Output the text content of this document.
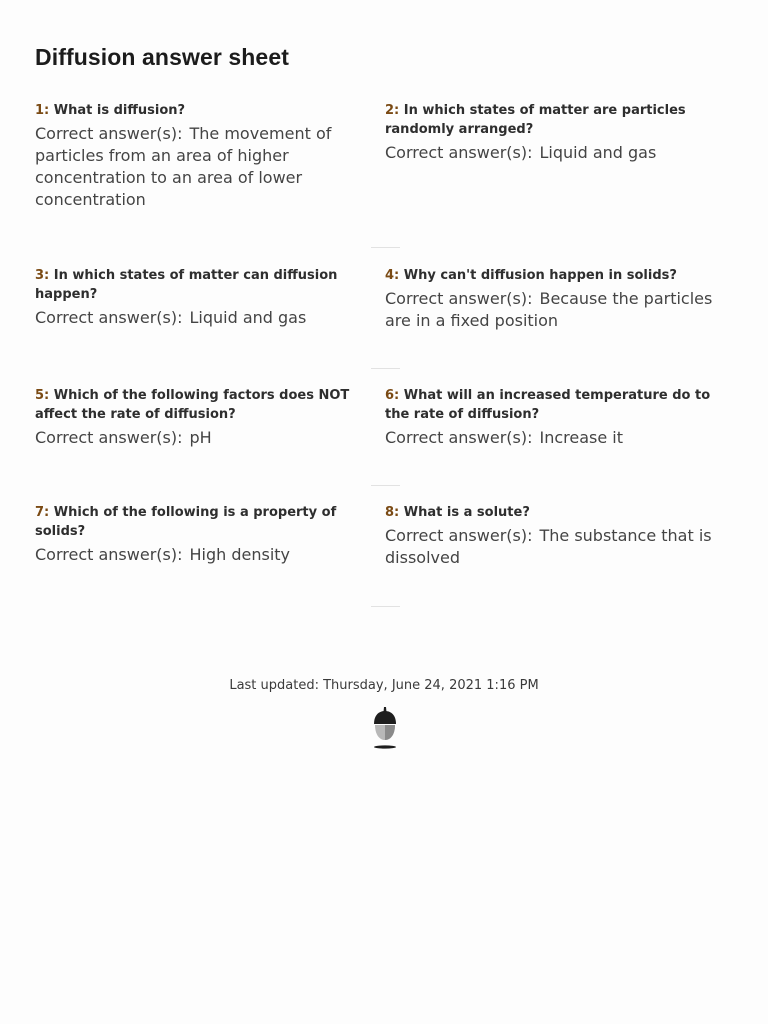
Diffusion answer sheet
1: What is diffusion?
Correct answer(s): The movement of particles from an area of higher concentration to an area of lower concentration
2: In which states of matter are particles randomly arranged?
Correct answer(s): Liquid and gas
3: In which states of matter can diffusion happen?
Correct answer(s): Liquid and gas
4: Why can't diffusion happen in solids?
Correct answer(s): Because the particles are in a fixed position
5: Which of the following factors does NOT affect the rate of diffusion?
Correct answer(s): pH
6: What will an increased temperature do to the rate of diffusion?
Correct answer(s): Increase it
7: Which of the following is a property of solids?
Correct answer(s): High density
8: What is a solute?
Correct answer(s): The substance that is dissolved
Last updated: Thursday, June 24, 2021 1:16 PM
